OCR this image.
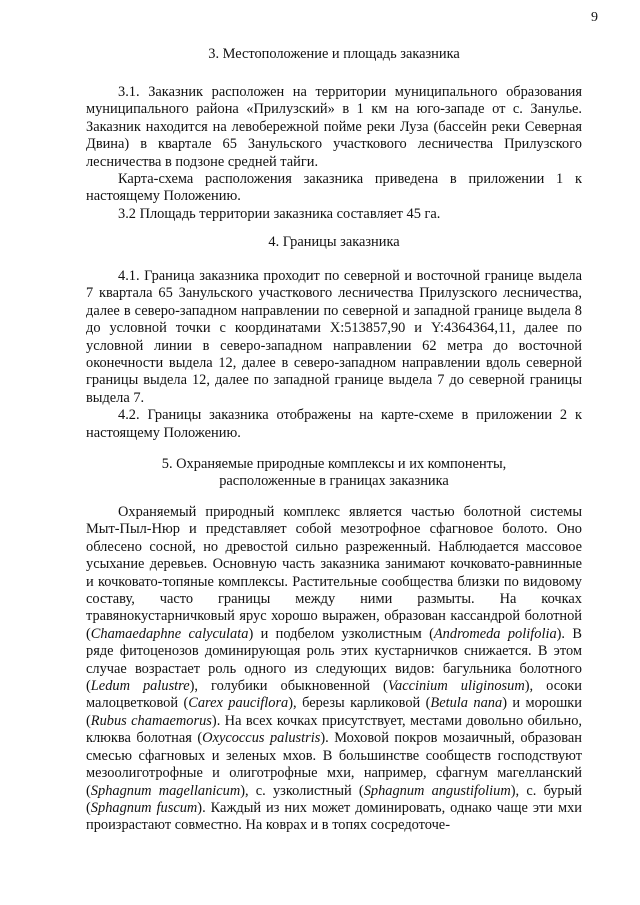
9
3. Местоположение и площадь заказника

3.1. Заказник расположен на территории муниципального образования муниципального района «Прилузский» в 1 км на юго-западе от с. Занулье. Заказник находится на левобережной пойме реки Луза (бассейн реки Северная Двина) в квартале 65 Занульского участкового лесничества Прилузского лесничества в подзоне средней тайги.

Карта-схема расположения заказника приведена в приложении 1 к настоящему Положению.

3.2 Площадь территории заказника составляет 45 га.

4. Границы заказника

4.1. Граница заказника проходит по северной и восточной границе выдела 7 квартала 65 Занульского участкового лесничества Прилузского лесничества, далее в северо-западном направлении по северной и западной границе выдела 8 до условной точки с координатами X:513857,90 и Y:4364364,11, далее по условной линии в северо-западном направлении 62 метра до восточной оконечности выдела 12, далее в северо-западном направлении вдоль северной границы выдела 12, далее по западной границе выдела 7 до северной границы выдела 7.

4.2. Границы заказника отображены на карте-схеме в приложении 2 к настоящему Положению.

5. Охраняемые природные комплексы и их компоненты,
расположенные в границах заказника

Охраняемый природный комплекс является частью болотной системы Мыт-Пыл-Нюр и представляет собой мезотрофное сфагновое болото. Оно облесено сосной, но древостой сильно разреженный. Наблюдается массовое усыхание деревьев. Основную часть заказника занимают кочковато-равнинные и кочковато-топяные комплексы. Растительные сообщества близки по видовому составу, часто границы между ними размыты. На кочках травянокустарничковый ярус хорошо выражен, образован кассандрой болотной (Chamaedaphne calyculata) и подбелом узколистным (Andromeda polifolia). В ряде фитоценозов доминирующая роль этих кустарничков снижается. В этом случае возрастает роль одного из следующих видов: багульника болотного (Ledum palustre), голубики обыкновенной (Vaccinium uliginosum), осоки малоцветковой (Carex pauciflora), березы карликовой (Betula nana) и морошки (Rubus chamaemorus). На всех кочках присутствует, местами довольно обильно, клюква болотная (Oxycoccus palustris). Моховой покров мозаичный, образован смесью сфагновых и зеленых мхов. В большинстве сообществ господствуют мезоолиготрофные и олиготрофные мхи, например, сфагнум магелланский (Sphagnum magellanicum), с. узколистный (Sphagnum angustifolium), с. бурый (Sphagnum fuscum). Каждый из них может доминировать, однако чаще эти мхи произрастают совместно. На коврах и в топях сосредоточе-
